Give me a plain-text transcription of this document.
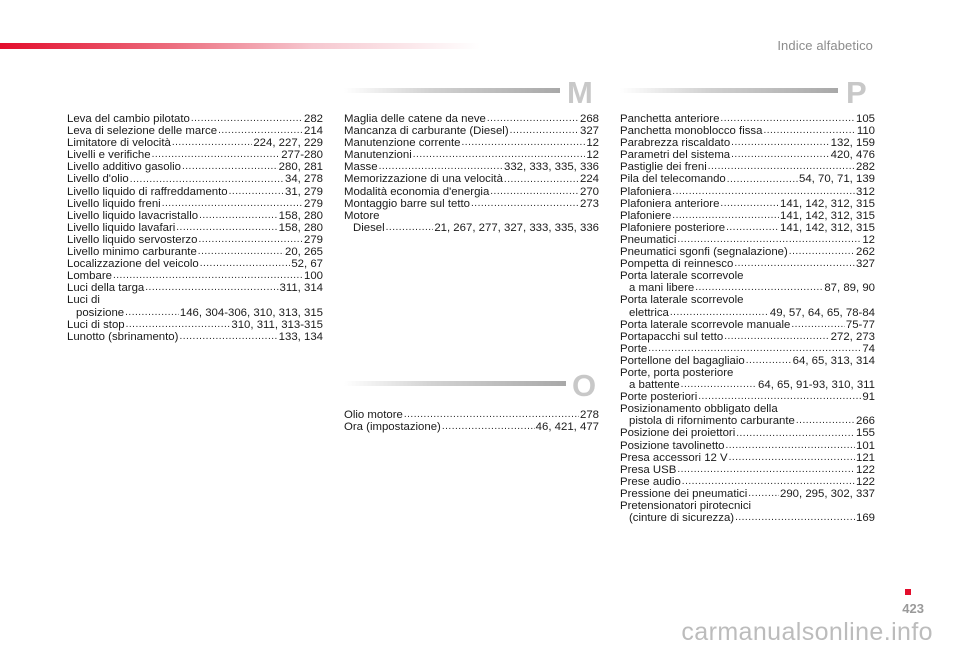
Indice alfabetico
Leva del cambio pilotato .....	282
Leva di selezione delle marce .....	214
Limitatore di velocità .....	224, 227, 229
Livelli e verifiche .....	277-280
Livello additivo gasolio .....	280, 281
Livello d'olio .....	34, 278
Livello liquido di raffreddamento .....	31, 279
Livello liquido freni .....	279
Livello liquido lavacristallo .....	158, 280
Livello liquido lavafari .....	158, 280
Livello liquido servosterzo .....	279
Livello minimo carburante .....	20, 265
Localizzazione del veicolo .....	52, 67
Lombare .....	100
Luci della targa .....	311, 314
Luci di
posizione .....	146, 304-306, 310, 313, 315
Luci di stop .....	310, 311, 313-315
Lunotto (sbrinamento) .....	133, 134
M
Maglia delle catene da neve .....	268
Mancanza di carburante (Diesel) .....	327
Manutenzione corrente .....	12
Manutenzioni .....	12
Masse .....	332, 333, 335, 336
Memorizzazione di una velocità .....	224
Modalità economia d'energia .....	270
Montaggio barre sul tetto .....	273
Motore
Diesel .....	21, 267, 277, 327, 333, 335, 336
O
Olio motore .....	278
Ora (impostazione) .....	46, 421, 477
P
Panchetta anteriore .....	105
Panchetta monoblocco fissa .....	110
Parabrezza riscaldato .....	132, 159
Parametri del sistema .....	420, 476
Pastiglie dei freni .....	282
Pila del telecomando .....	54, 70, 71, 139
Plafoniera .....	312
Plafoniera anteriore .....	141, 142, 312, 315
Plafoniere .....	141, 142, 312, 315
Plafoniere posteriore .....	141, 142, 312, 315
Pneumatici .....	12
Pneumatici sgonfi (segnalazione) .....	262
Pompetta di reinnesco .....	327
Porta laterale scorrevole
a mani libere .....	87, 89, 90
Porta laterale scorrevole
elettrica .....	49, 57, 64, 65, 78-84
Porta laterale scorrevole manuale .....	75-77
Portapacchi sul tetto .....	272, 273
Porte .....	74
Portellone del bagagliaio .....	64, 65, 313, 314
Porte, porta posteriore
a battente .....	64, 65, 91-93, 310, 311
Porte posteriori .....	91
Posizionamento obbligato della
pistola di rifornimento carburante .....	266
Posizione dei proiettori .....	155
Posizione tavolinetto .....	101
Presa accessori 12 V .....	121
Presa USB .....	122
Prese audio .....	122
Pressione dei pneumatici .....	290, 295, 302, 337
Pretensionatori pirotecnici
(cinture di sicurezza) .....	169
423
carmanualsonline.info
